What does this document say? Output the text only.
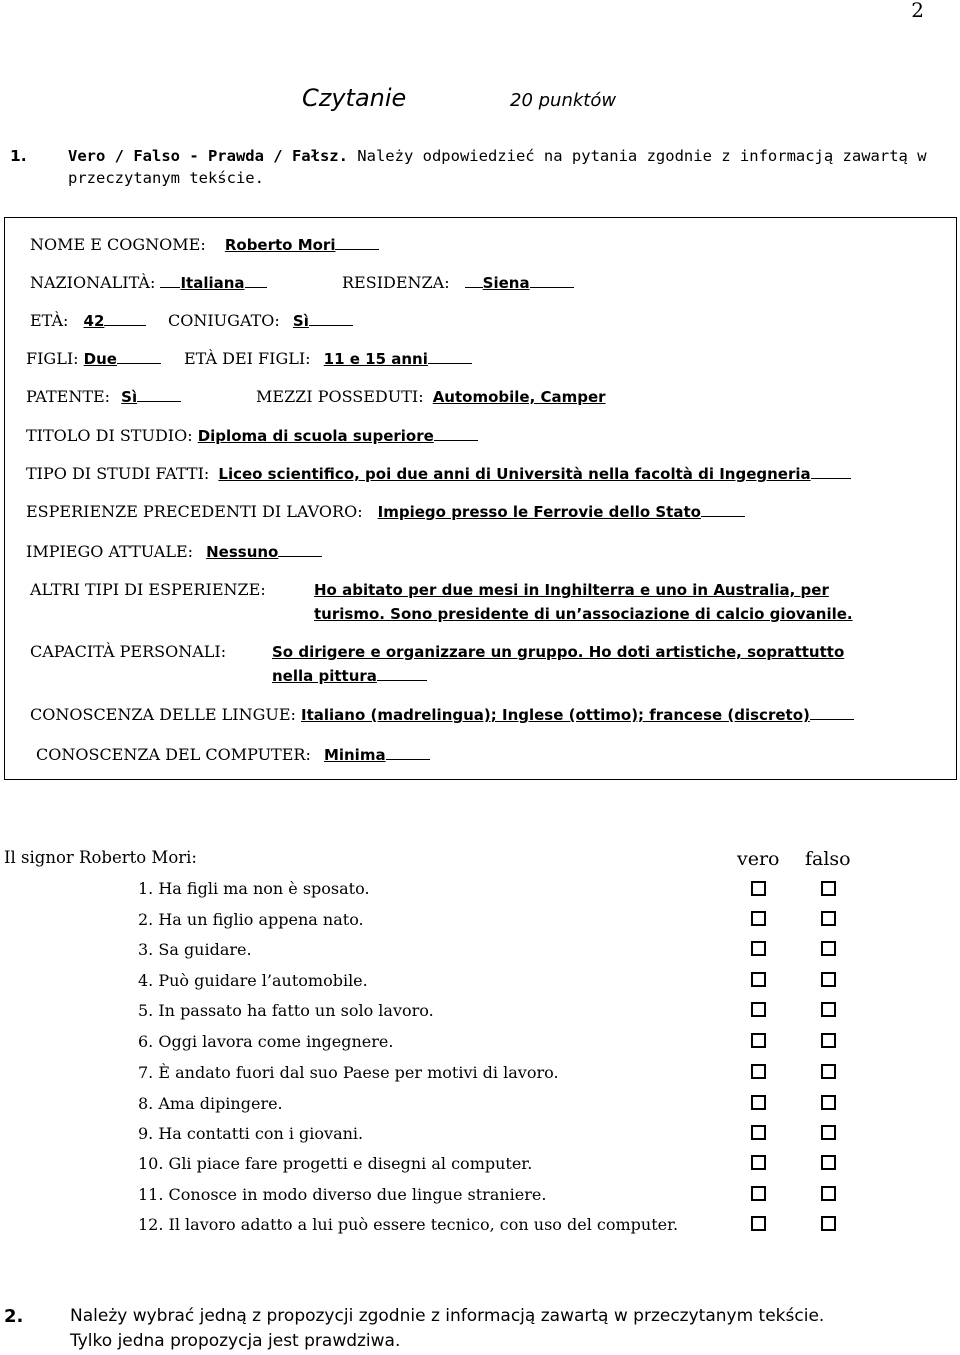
2
Czytanie	20 punktów
1.	Vero / Falso - Prawda / Fałsz. Należy odpowiedzieć na pytania zgodnie z informacją zawartą w przeczytanym tekście.
NOME E COGNOME: Roberto Mori
NAZIONALITÀ: Italiana	RESIDENZA: Siena
ETÀ: 42	CONIUGATO: Sì
FIGLI: Due	ETÀ DEI FIGLI: 11 e 15 anni
PATENTE: Sì	MEZZI POSSEDUTI: Automobile, Camper
TITOLO DI STUDIO: Diploma di scuola superiore
TIPO DI STUDI FATTI: Liceo scientifico, poi due anni di Università nella facoltà di Ingegneria
ESPERIENZE PRECEDENTI DI LAVORO: Impiego presso le Ferrovie dello Stato
IMPIEGO ATTUALE: Nessuno
ALTRI TIPI DI ESPERIENZE:	Ho abitato per due mesi in Inghilterra e uno in Australia, per
turismo. Sono presidente di un’associazione di calcio giovanile.
CAPACITÀ PERSONALI:	So dirigere e organizzare un gruppo. Ho doti artistiche, soprattutto
nella pittura
CONOSCENZA DELLE LINGUE: Italiano (madrelingua); Inglese (ottimo); francese (discreto)
CONOSCENZA DEL COMPUTER: Minima
Il signor Roberto Mori:	vero falso
1. Ha figli ma non è sposato.
2. Ha un figlio appena nato.
3. Sa guidare.
4. Può guidare l’automobile.
5. In passato ha fatto un solo lavoro.
6. Oggi lavora come ingegnere.
7. È andato fuori dal suo Paese per motivi di lavoro.
8. Ama dipingere.
9. Ha contatti con i giovani.
10. Gli piace fare progetti e disegni al computer.
11. Conosce in modo diverso due lingue straniere.
12. Il lavoro adatto a lui può essere tecnico, con uso del computer.
2.	Należy wybrać jedną z propozycji zgodnie z informacją zawartą w przeczytanym tekście.
Tylko jedna propozycja jest prawdziwa.
